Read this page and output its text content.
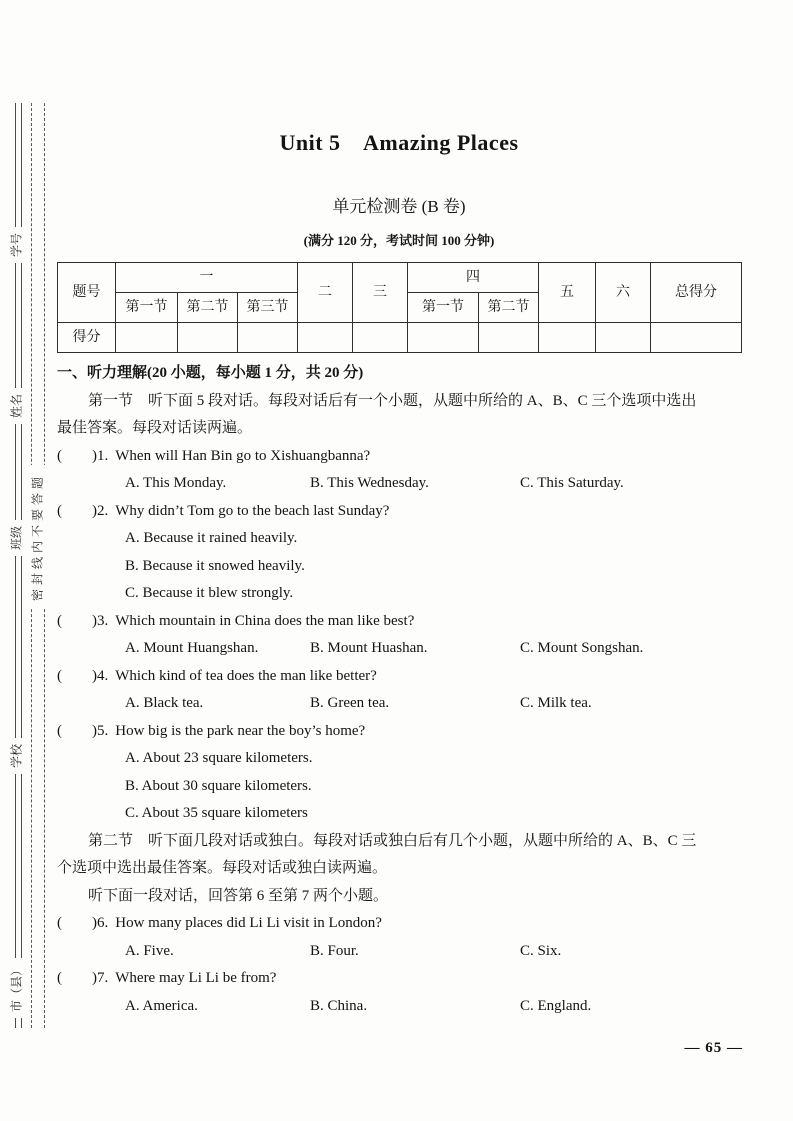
学号
姓名
班级
学校
市（县）
密封线内不要答题
Unit 5　Amazing Places
单元检测卷 (B 卷)
(满分 120 分，考试时间 100 分钟)
题号	一			二	三	四		五	六	总得分
	第一节	第二节	第三节			第一节	第二节			
得分										
一、听力理解(20 小题，每小题 1 分，共 20 分)
第一节　听下面 5 段对话。每段对话后有一个小题，从题中所给的 A、B、C 三个选项中选出
最佳答案。每段对话读两遍。
(　　)1. When will Han Bin go to Xishuangbanna?
A. This Monday.	B. This Wednesday.	C. This Saturday.
(　　)2. Why didn’t Tom go to the beach last Sunday?
A. Because it rained heavily.
B. Because it snowed heavily.
C. Because it blew strongly.
(　　)3. Which mountain in China does the man like best?
A. Mount Huangshan.	B. Mount Huashan.	C. Mount Songshan.
(　　)4. Which kind of tea does the man like better?
A. Black tea.	B. Green tea.	C. Milk tea.
(　　)5. How big is the park near the boy’s home?
A. About 23 square kilometers.
B. About 30 square kilometers.
C. About 35 square kilometers
第二节　听下面几段对话或独白。每段对话或独白后有几个小题，从题中所给的 A、B、C 三
个选项中选出最佳答案。每段对话或独白读两遍。
听下面一段对话，回答第 6 至第 7 两个小题。
(　　)6. How many places did Li Li visit in London?
A. Five.	B. Four.	C. Six.
(　　)7. Where may Li Li be from?
A. America.	B. China.	C. England.
— 65 —
